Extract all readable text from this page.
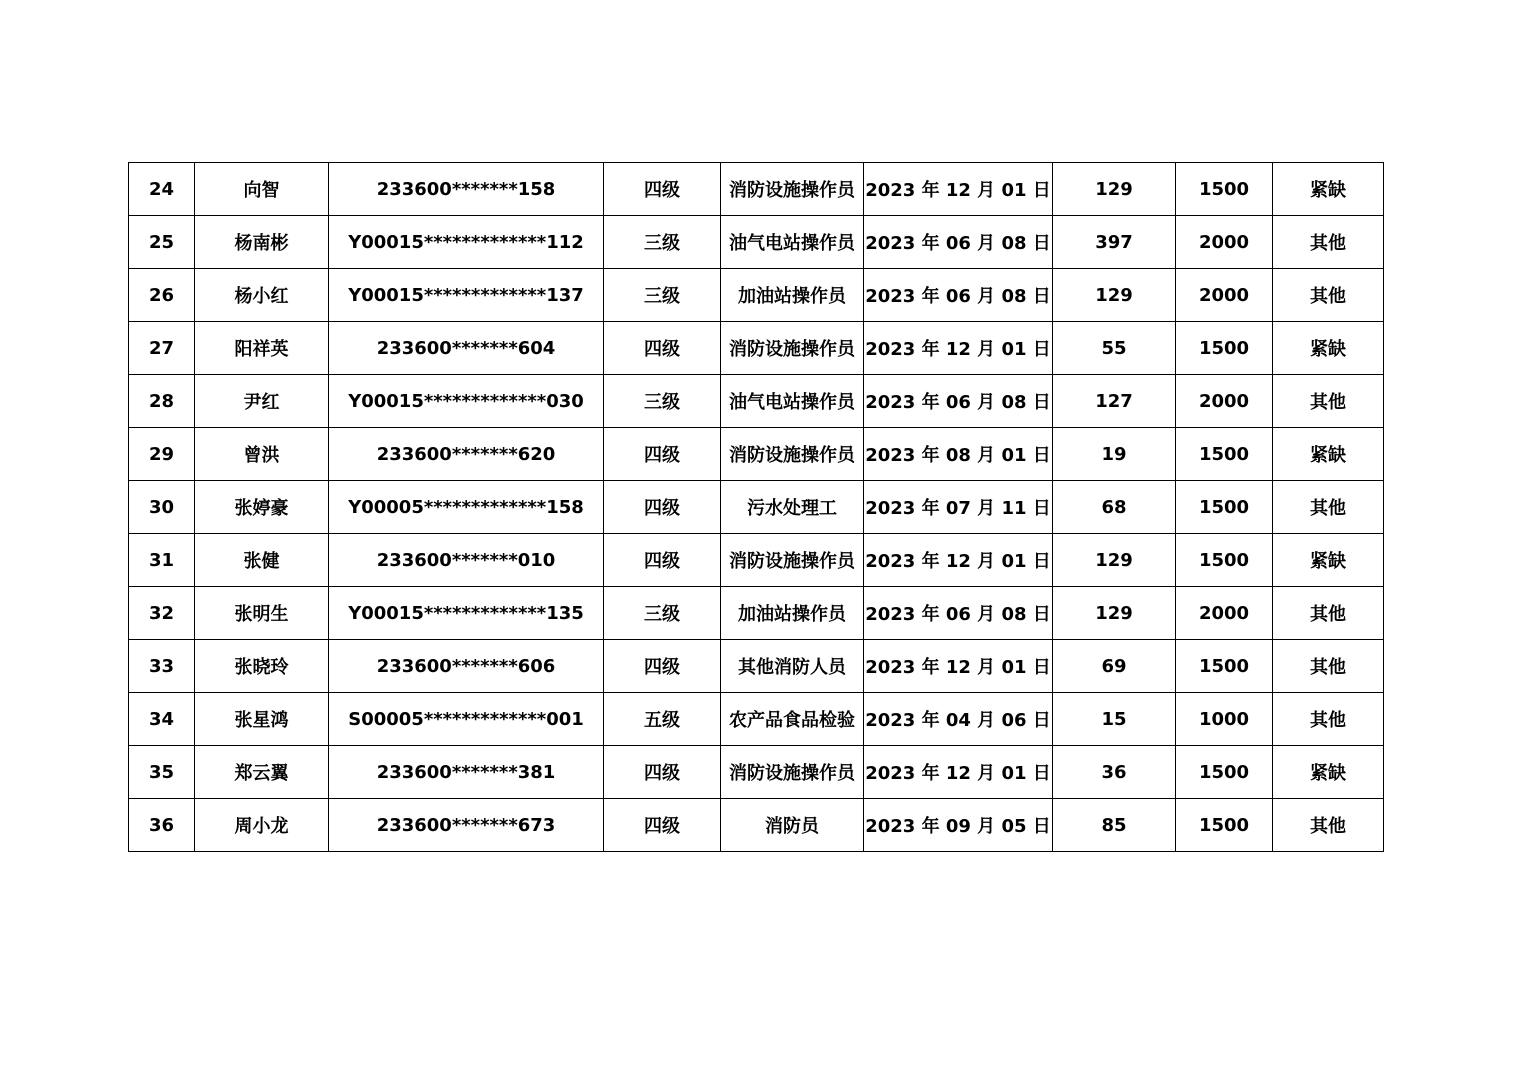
24	向智	233600*******158	四级	消防设施操作员	2023 年 12 月 01 日	129	1500	紧缺
25	杨南彬	Y00015*************112	三级	油气电站操作员	2023 年 06 月 08 日	397	2000	其他
26	杨小红	Y00015*************137	三级	加油站操作员	2023 年 06 月 08 日	129	2000	其他
27	阳祥英	233600*******604	四级	消防设施操作员	2023 年 12 月 01 日	55	1500	紧缺
28	尹红	Y00015*************030	三级	油气电站操作员	2023 年 06 月 08 日	127	2000	其他
29	曾洪	233600*******620	四级	消防设施操作员	2023 年 08 月 01 日	19	1500	紧缺
30	张婷豪	Y00005*************158	四级	污水处理工	2023 年 07 月 11 日	68	1500	其他
31	张健	233600*******010	四级	消防设施操作员	2023 年 12 月 01 日	129	1500	紧缺
32	张明生	Y00015*************135	三级	加油站操作员	2023 年 06 月 08 日	129	2000	其他
33	张晓玲	233600*******606	四级	其他消防人员	2023 年 12 月 01 日	69	1500	其他
34	张星鸿	S00005*************001	五级	农产品食品检验	2023 年 04 月 06 日	15	1000	其他
35	郑云翼	233600*******381	四级	消防设施操作员	2023 年 12 月 01 日	36	1500	紧缺
36	周小龙	233600*******673	四级	消防员	2023 年 09 月 05 日	85	1500	其他
